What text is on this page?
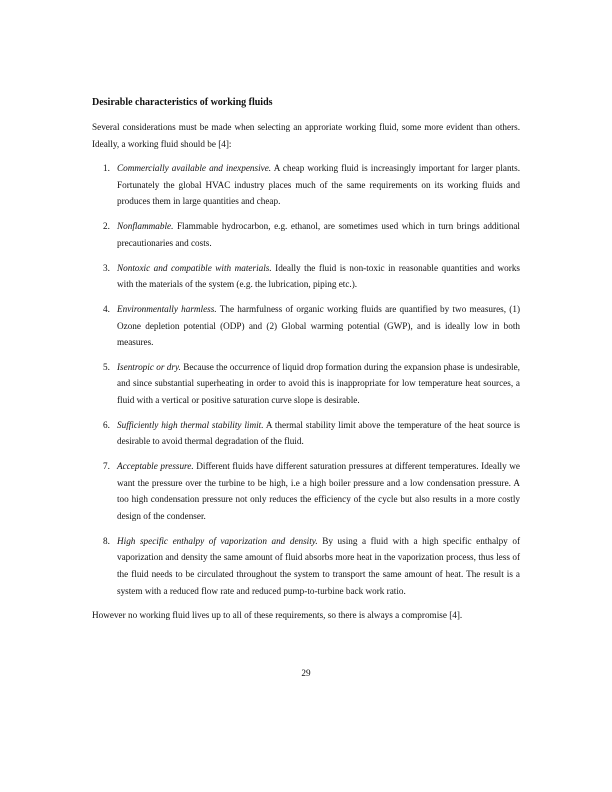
Desirable characteristics of working fluids

Several considerations must be made when selecting an approriate working fluid, some more evident than others. Ideally, a working fluid should be [4]:

1. Commercially available and inexpensive. A cheap working fluid is increasingly important for larger plants. Fortunately the global HVAC industry places much of the same requirements on its working fluids and produces them in large quantities and cheap.
2. Nonflammable. Flammable hydrocarbon, e.g. ethanol, are sometimes used which in turn brings additional precautionaries and costs.
3. Nontoxic and compatible with materials. Ideally the fluid is non-toxic in reasonable quantities and works with the materials of the system (e.g. the lubrication, piping etc.).
4. Environmentally harmless. The harmfulness of organic working fluids are quantified by two measures, (1) Ozone depletion potential (ODP) and (2) Global warming potential (GWP), and is ideally low in both measures.
5. Isentropic or dry. Because the occurrence of liquid drop formation during the expansion phase is undesirable, and since substantial superheating in order to avoid this is inappropriate for low temperature heat sources, a fluid with a vertical or positive saturation curve slope is desirable.
6. Sufficiently high thermal stability limit. A thermal stability limit above the temperature of the heat source is desirable to avoid thermal degradation of the fluid.
7. Acceptable pressure. Different fluids have different saturation pressures at different temperatures. Ideally we want the pressure over the turbine to be high, i.e a high boiler pressure and a low condensation pressure. A too high condensation pressure not only reduces the efficiency of the cycle but also results in a more costly design of the condenser.
8. High specific enthalpy of vaporization and density. By using a fluid with a high specific enthalpy of vaporization and density the same amount of fluid absorbs more heat in the vaporization process, thus less of the fluid needs to be circulated throughout the system to transport the same amount of heat. The result is a system with a reduced flow rate and reduced pump-to-turbine back work ratio.

However no working fluid lives up to all of these requirements, so there is always a compromise [4].

29
